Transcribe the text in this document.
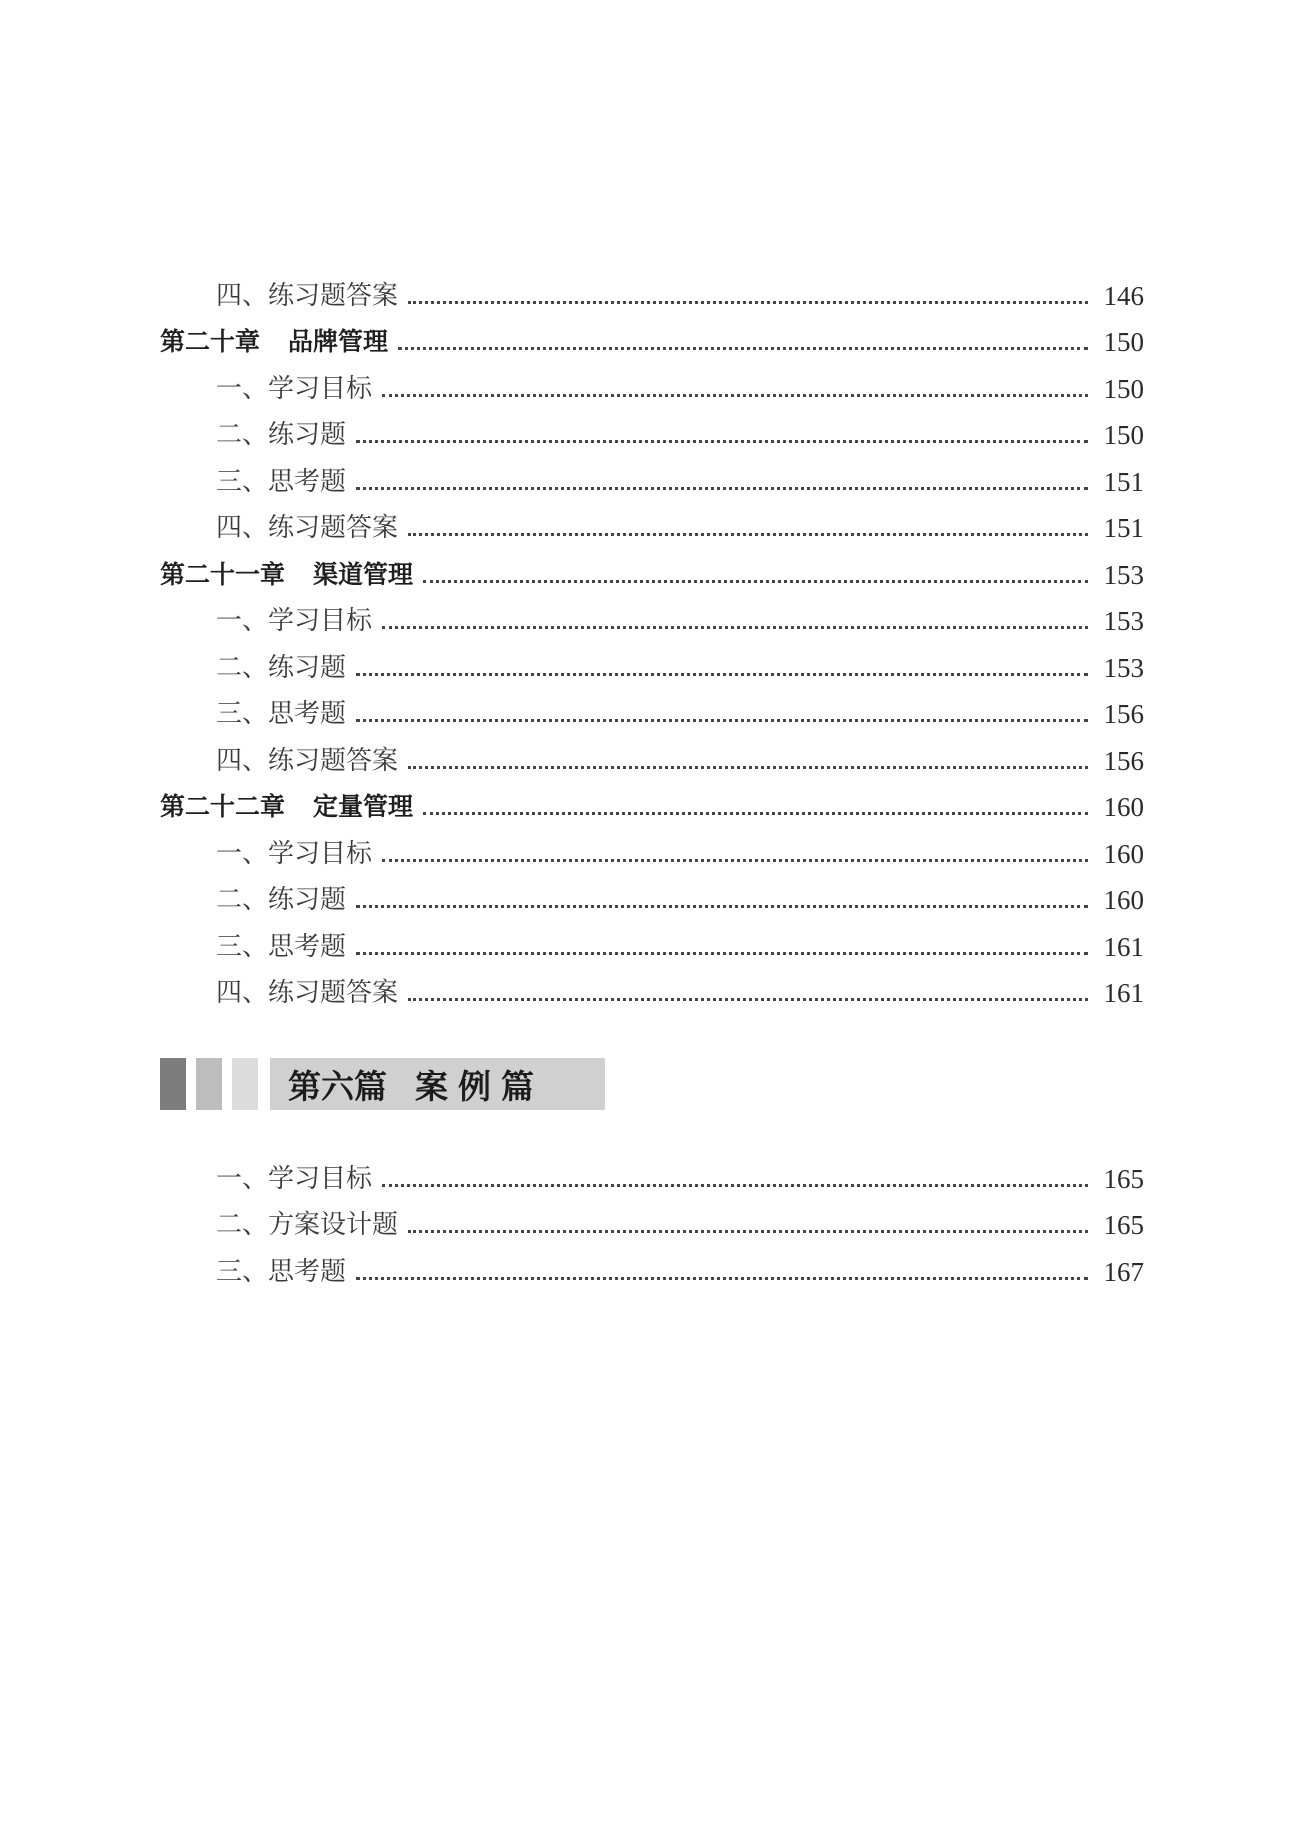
四、练习题答案	146
第二十章 品牌管理	150
一、学习目标	150
二、练习题	150
三、思考题	151
四、练习题答案	151
第二十一章 渠道管理	153
一、学习目标	153
二、练习题	153
三、思考题	156
四、练习题答案	156
第二十二章 定量管理	160
一、学习目标	160
二、练习题	160
三、思考题	161
四、练习题答案	161
第六篇 案例篇
一、学习目标	165
二、方案设计题	165
三、思考题	167
